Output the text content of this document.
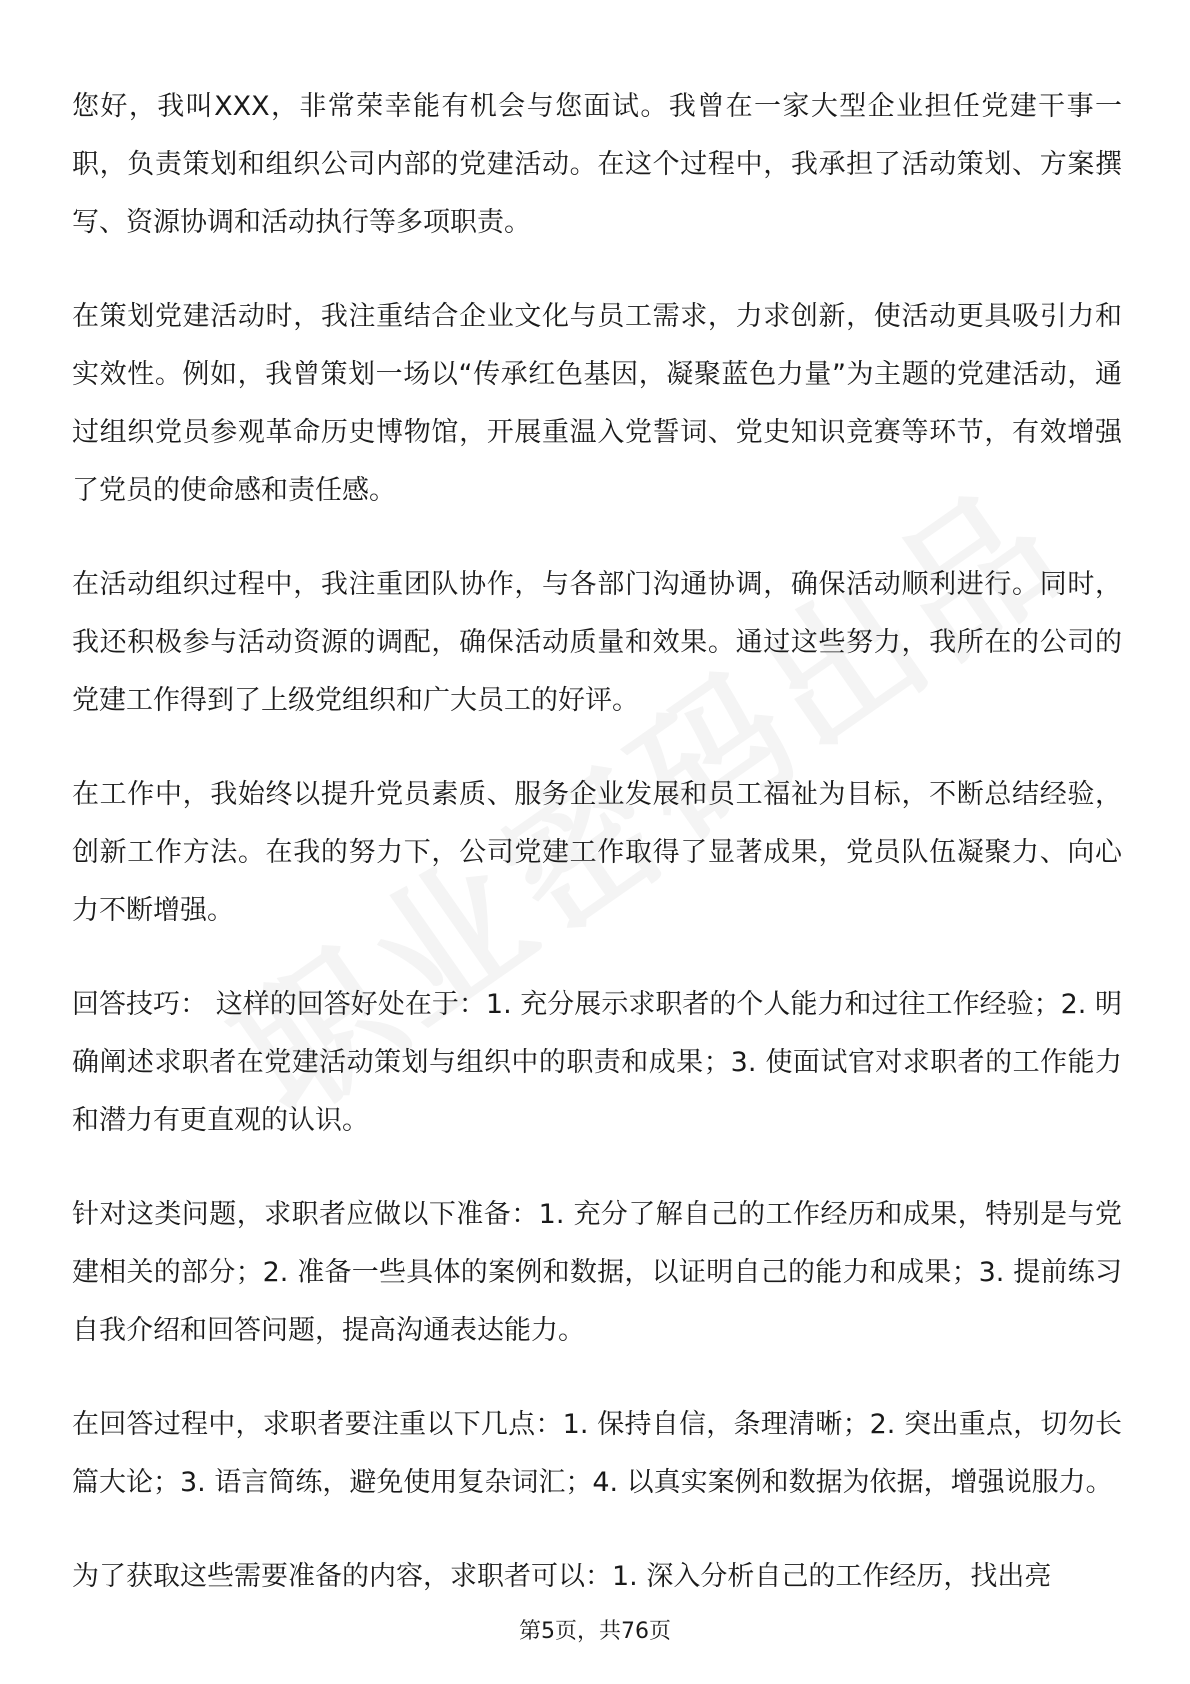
您好，我叫XXX，非常荣幸能有机会与您面试。我曾在一家大型企业担任党建干事一职，负责策划和组织公司内部的党建活动。在这个过程中，我承担了活动策划、方案撰写、资源协调和活动执行等多项职责。

在策划党建活动时，我注重结合企业文化与员工需求，力求创新，使活动更具吸引力和实效性。例如，我曾策划一场以“传承红色基因，凝聚蓝色力量”为主题的党建活动，通过组织党员参观革命历史博物馆，开展重温入党誓词、党史知识竞赛等环节，有效增强了党员的使命感和责任感。

在活动组织过程中，我注重团队协作，与各部门沟通协调，确保活动顺利进行。同时，我还积极参与活动资源的调配，确保活动质量和效果。通过这些努力，我所在的公司的党建工作得到了上级党组织和广大员工的好评。

在工作中，我始终以提升党员素质、服务企业发展和员工福祉为目标，不断总结经验，创新工作方法。在我的努力下，公司党建工作取得了显著成果，党员队伍凝聚力、向心力不断增强。

回答技巧： 这样的回答好处在于：1. 充分展示求职者的个人能力和过往工作经验；2. 明确阐述求职者在党建活动策划与组织中的职责和成果；3. 使面试官对求职者的工作能力和潜力有更直观的认识。

针对这类问题，求职者应做以下准备：1. 充分了解自己的工作经历和成果，特别是与党建相关的部分；2. 准备一些具体的案例和数据，以证明自己的能力和成果；3. 提前练习自我介绍和回答问题，提高沟通表达能力。

在回答过程中，求职者要注重以下几点：1. 保持自信，条理清晰；2. 突出重点，切勿长篇大论；3. 语言简练，避免使用复杂词汇；4. 以真实案例和数据为依据，增强说服力。

为了获取这些需要准备的内容，求职者可以：1. 深入分析自己的工作经历，找出亮

第5页，共76页
